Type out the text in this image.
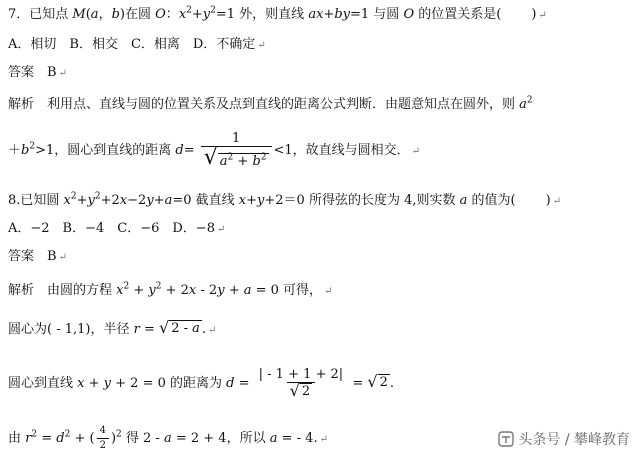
7．已知点 M(a，b)在圆 O：$x^2+y^2=1$ 外，则直线 ax+by=1 与圆 O 的位置关系是( ) ↵
A．相切　B．相交　C．相离　D．不确定 ↵
答案　B ↵
解析　利用点、直线与圆的位置关系及点到直线的距离公式判断．由题意知点在圆外，则 $a^2$
$+b^2>1$，圆心到直线的距离 $d= \frac{1}{√ a^2 + b^2} <1$，故直线与圆相交． ↵
8.已知圆 $x^2+y^2+2x-2y+a=0$ 截直线 x+y+2＝0 所得弦的长度为 4,则实数 a 的值为( ) ↵
A．−2　B．−4　C．−6　D．−8 ↵
答案　B ↵
解析　由圆的方程 $x^2 + y^2 + 2x - 2y + a = 0$ 可得， ↵
圆心为( - 1,1)，半径 r = √ 2 - a . ↵
圆心到直线 x + y + 2 = 0 的距离为 $d = \frac{| - 1 + 1 + 2|}{√ 2}$ = √ 2 .
由 $r^2 = d^2$ + ( $\frac{4}{2} )^2$ 得 2 - a = 2 + 4，所以 a = - 4. ↵	头条号 / 攀峰教育
